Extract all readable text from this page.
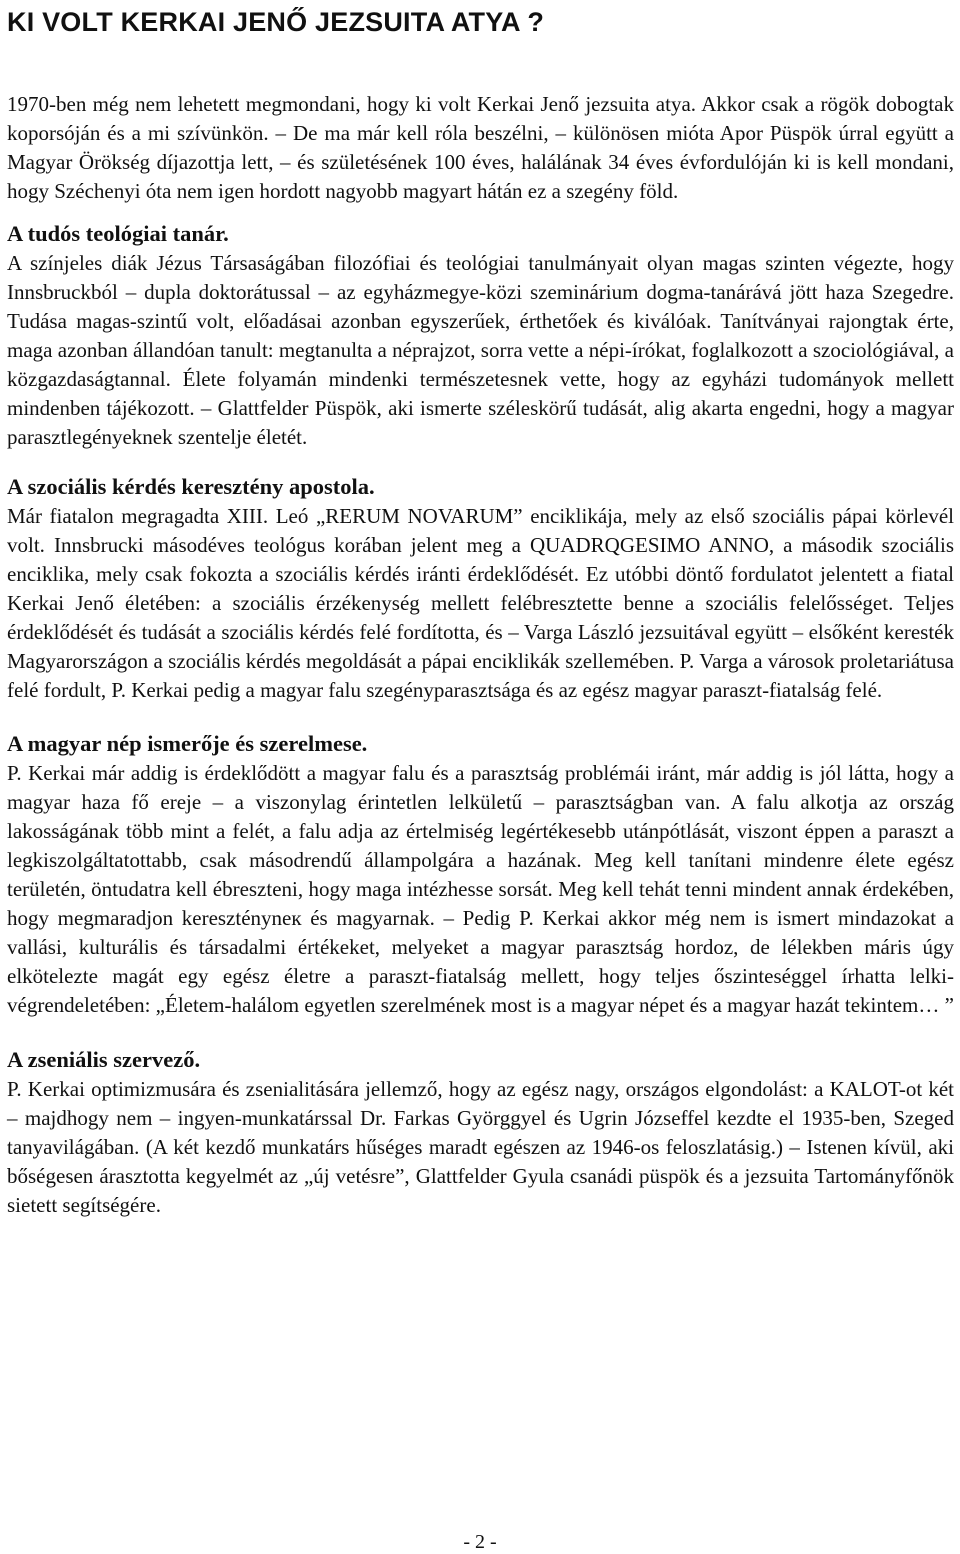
KI VOLT KERKAI JENŐ JEZSUITA ATYA ?

1970-ben még nem lehetett megmondani, hogy ki volt Kerkai Jenő jezsuita atya. Akkor csak a rögök dobogtak koporsóján és a mi szívünkön. – De ma már kell róla beszélni, – különösen mióta Apor Püspök úrral együtt a Magyar Örökség díjazottja lett, – és születésének 100 éves, halálának 34 éves évfordulóján ki is kell mondani, hogy Széchenyi óta nem igen hordott nagyobb magyart hátán ez a szegény föld.

A tudós teológiai tanár.

A színjeles diák Jézus Társaságában filozófiai és teológiai tanulmányait olyan magas szinten végezte, hogy Innsbruckból – dupla doktorátussal – az egyházmegye-közi szeminárium dogma-tanárává jött haza Szegedre. Tudása magas-szintű volt, előadásai azonban egyszerűek, érthetőek és kiválóak. Tanítványai rajongtak érte, maga azonban állandóan tanult: megtanulta a néprajzot, sorra vette a népi-írókat, foglalkozott a szociológiával, a közgazdaságtannal. Élete folyamán mindenki természetesnek vette, hogy az egyházi tudományok mellett mindenben tájékozott. – Glattfelder Püspök, aki ismerte széleskörű tudását, alig akarta engedni, hogy a magyar parasztlegényeknek szentelje életét.

A szociális kérdés keresztény apostola.

Már fiatalon megragadta XIII. Leó „RERUM NOVARUM” enciklikája, mely az első szociális pápai körlevél volt. Innsbrucki másodéves teológus korában jelent meg a QUADRQGESIMO ANNO, a második szociális enciklika, mely csak fokozta a szociális kérdés iránti érdeklődését. Ez utóbbi döntő fordulatot jelentett a fiatal Kerkai Jenő életében: a szociális érzékenység mellett felébresztette benne a szociális felelősséget. Teljes érdeklődését és tudását a szociális kérdés felé fordította, és – Varga László jezsuitával együtt – elsőként keresték Magyarországon a szociális kérdés megoldását a pápai enciklikák szellemében. P. Varga a városok proletariátusa felé fordult, P. Kerkai pedig a magyar falu szegényparasztsága és az egész magyar paraszt-fiatalság felé.

A magyar nép ismerője és szerelmese.

P. Kerkai már addig is érdeklődött a magyar falu és a parasztság problémái iránt, már addig is jól látta, hogy a magyar haza fő ereje – a viszonylag érintetlen lelkületű – parasztságban van. A falu alkotja az ország lakosságának több mint a felét, a falu adja az értelmiség legértékesebb utánpótlását, viszont éppen a paraszt a legkiszolgáltatottabb, csak másodrendű állampolgára a hazának. Meg kell tanítani mindenre élete egész területén, öntudatra kell ébreszteni, hogy maga intézhesse sorsát. Meg kell tehát tenni mindent annak érdekében, hogy megmaradjon keresztényneк és magyarnak. – Pedig P. Kerkai akkor még nem is ismert mindazokat a vallási, kulturális és társadalmi értékeket, melyeket a magyar parasztság hordoz, de lélekben máris úgy elkötelezte magát egy egész életre a paraszt-fiatalság mellett, hogy teljes őszinteséggel írhatta lelki-végrendeletében: „Életem-halálom egyetlen szerelmének most is a magyar népet és a magyar hazát tekintem… ”

A zseniális szervező.

P. Kerkai optimizmusára és zsenialitására jellemző, hogy az egész nagy, országos elgondolást: a KALOT-ot két – majdhogy nem – ingyen-munkatárssal Dr. Farkas Györggyel és Ugrin Józseffel kezdte el 1935-ben, Szeged tanyavilágában. (A két kezdő munkatárs hűséges maradt egészen az 1946-os feloszlatásig.) – Istenen kívül, aki bőségesen árasztotta kegyelmét az „új vetésre”, Glattfelder Gyula csanádi püspök és a jezsuita Tartományfőnök sietett segítségére.

- 2 -
